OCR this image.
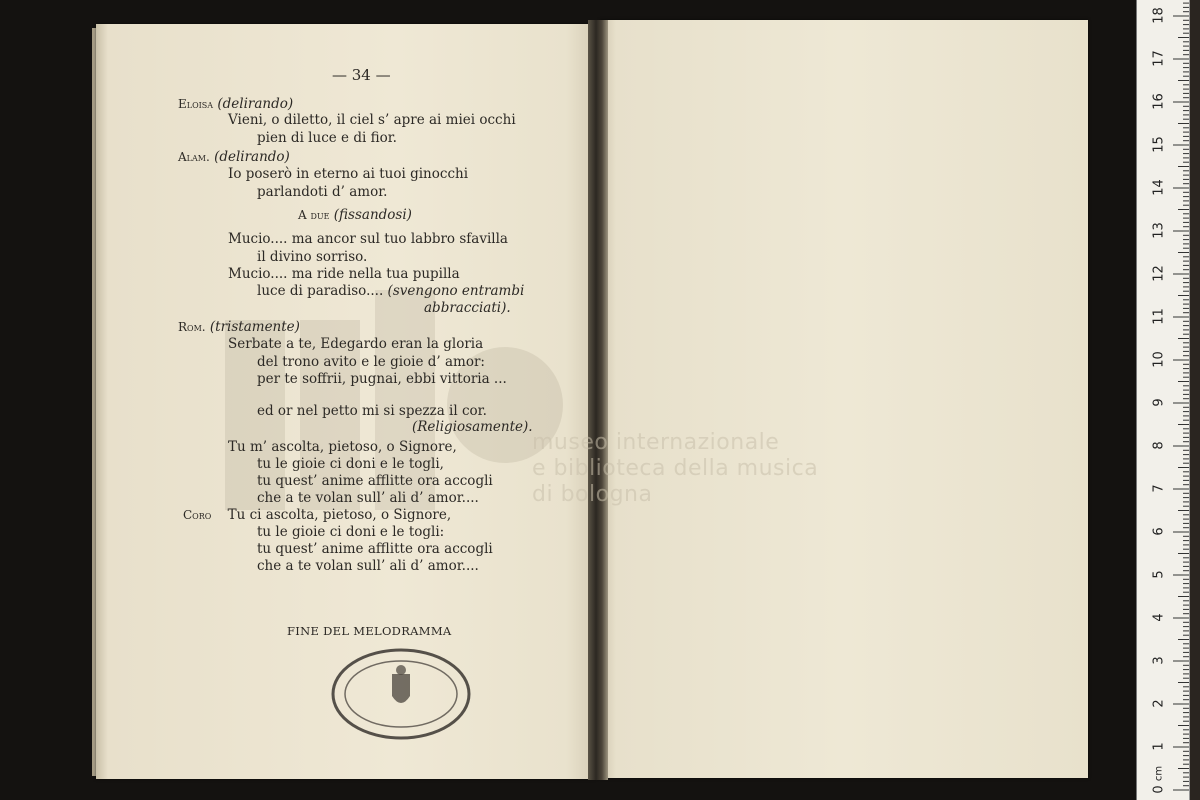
museo internazionale
e biblioteca della musica
di bologna
— 34 —
Eloisa (delirando)
Vieni, o diletto, il ciel s’ apre ai miei occhi
pien di luce e di fior.
Alam. (delirando)
Io poserò in eterno ai tuoi ginocchi
parlandoti d’ amor.
A due (fissandosi)
Mucio.... ma ancor sul tuo labbro sfavilla
il divino sorriso.
Mucio.... ma ride nella tua pupilla
luce di paradiso.... (svengono entrambi
abbracciati).
Rom. (tristamente)
Serbate a te, Edegardo eran la gloria
del trono avito e le gioie d’ amor:
per te soffrii, pugnai, ebbi vittoria ...
ed or nel petto mi si spezza il cor.
(Religiosamente).
Tu m’ ascolta, pietoso, o Signore,
tu le gioie ci doni e le togli,
tu quest’ anime afflitte ora accogli
che a te volan sull’ ali d’ amor....
Coro Tu ci ascolta, pietoso, o Signore,
tu le gioie ci doni e le togli:
tu quest’ anime afflitte ora accogli
che a te volan sull’ ali d’ amor....
FINE DEL MELODRAMMA
0
1
2
3
4
5
6
7
8
9
10
11
12
13
14
15
16
17
18
cm
